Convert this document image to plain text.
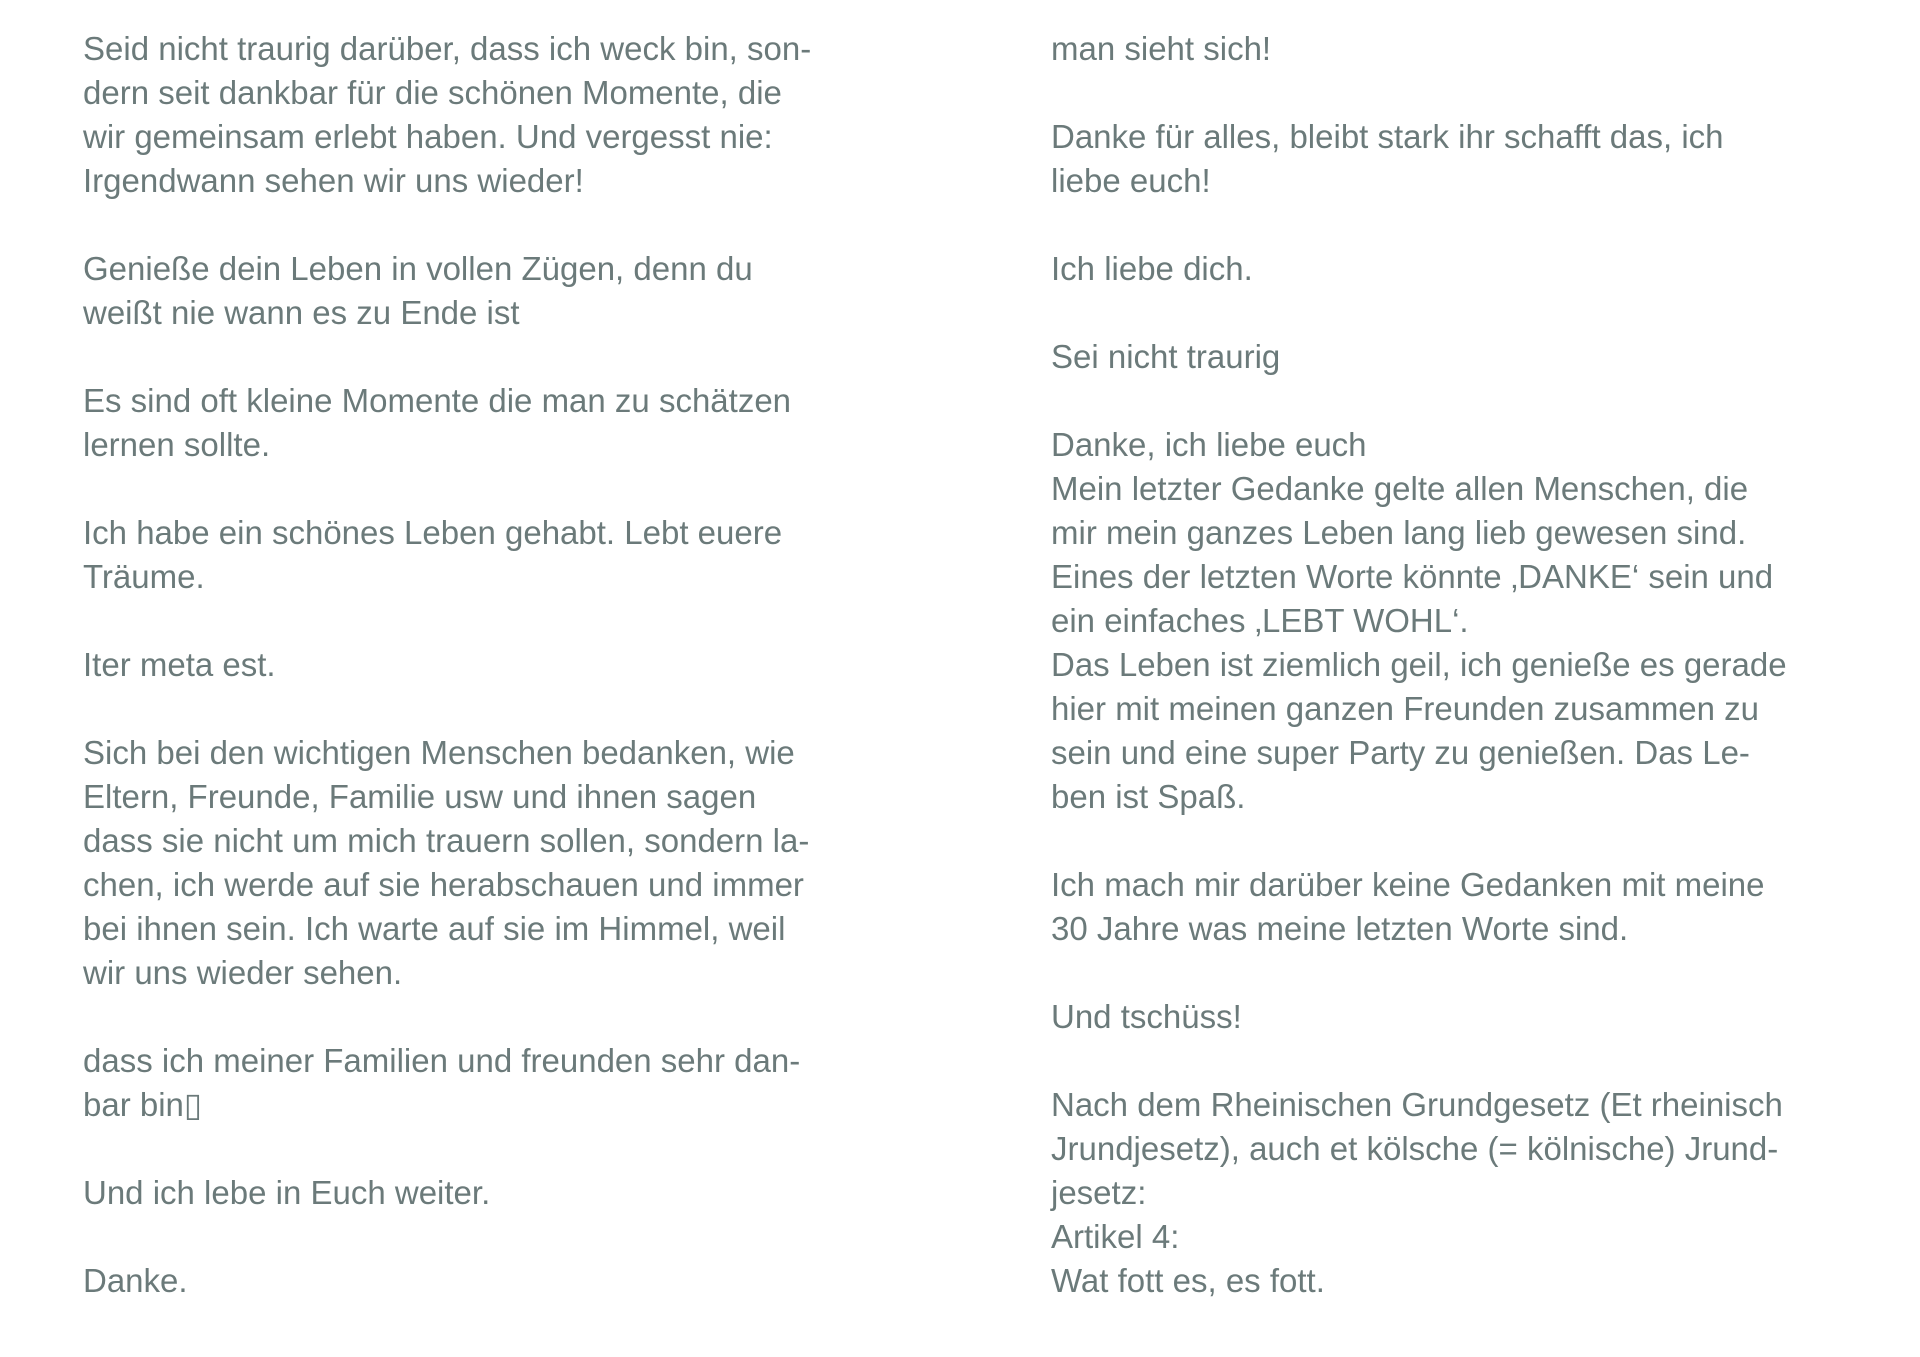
Seid nicht traurig darüber, dass ich weck bin, son-
dern seit dankbar für die schönen Momente, die
wir gemeinsam erlebt haben. Und vergesst nie:
Irgendwann sehen wir uns wieder!

Genieße dein Leben in vollen Zügen, denn du
weißt nie wann es zu Ende ist

Es sind oft kleine Momente die man zu schätzen
lernen sollte.

Ich habe ein schönes Leben gehabt. Lebt euere
Träume.

Iter meta est.

Sich bei den wichtigen Menschen bedanken, wie
Eltern, Freunde, Familie usw und ihnen sagen
dass sie nicht um mich trauern sollen, sondern la-
chen, ich werde auf sie herabschauen und immer
bei ihnen sein. Ich warte auf sie im Himmel, weil
wir uns wieder sehen.

dass ich meiner Familien und freunden sehr dan-
bar bin▯

Und ich lebe in Euch weiter.

Danke.

man sieht sich!

Danke für alles, bleibt stark ihr schafft das, ich
liebe euch!

Ich liebe dich.

Sei nicht traurig

Danke, ich liebe euch

Mein letzter Gedanke gelte allen Menschen, die
mir mein ganzes Leben lang lieb gewesen sind.

Eines der letzten Worte könnte ‚DANKE‘ sein und
ein einfaches ‚LEBT WOHL‘.

Das Leben ist ziemlich geil, ich genieße es gerade
hier mit meinen ganzen Freunden zusammen zu
sein und eine super Party zu genießen. Das Le-
ben ist Spaß.

Ich mach mir darüber keine Gedanken mit meine
30 Jahre was meine letzten Worte sind.

Und tschüss!

Nach dem Rheinischen Grundgesetz (Et rheinisch
Jrundjesetz), auch et kölsche (= kölnische) Jrund-
jesetz:
Artikel 4:
Wat fott es, es fott.
